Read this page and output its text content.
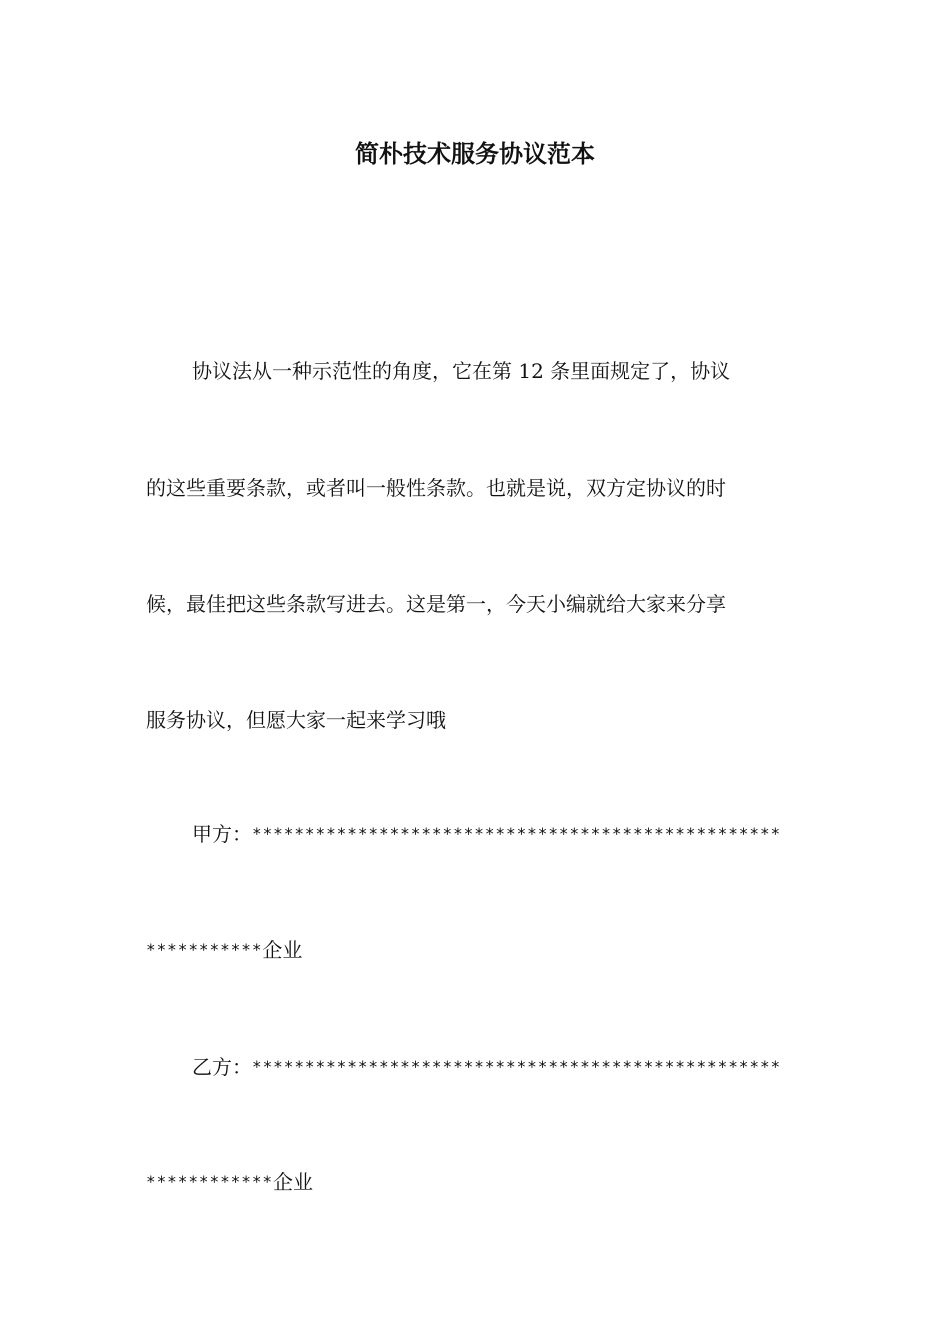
简朴技术服务协议范本
协议法从一种示范性的角度，它在第 12 条里面规定了，协议
的这些重要条款，或者叫一般性条款。也就是说，双方定协议的时
候，最佳把这些条款写进去。这是第一，今天小编就给大家来分享
服务协议，但愿大家一起来学习哦
甲方：**************************************************
***********企业
乙方：**************************************************
************企业
